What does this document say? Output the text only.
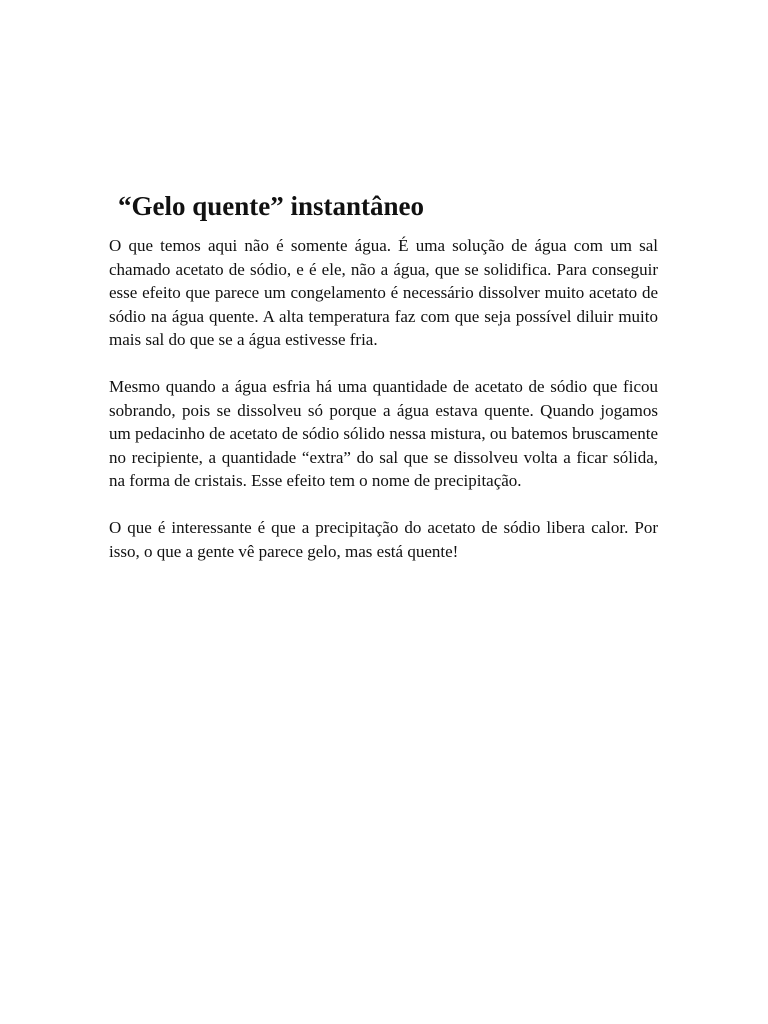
“Gelo quente” instantâneo

O que temos aqui não é somente água. É uma solução de água com um sal chamado acetato de sódio, e é ele, não a água, que se solidifica. Para conseguir esse efeito que parece um congelamento é necessário dissolver muito acetato de sódio na água quente. A alta temperatura faz com que seja possível diluir muito mais sal do que se a água estivesse fria.

Mesmo quando a água esfria há uma quantidade de acetato de sódio que ficou sobrando, pois se dissolveu só porque a água estava quente. Quando jogamos um pedacinho de acetato de sódio sólido nessa mistura, ou batemos bruscamente no recipiente, a quantidade “extra” do sal que se dissolveu volta a ficar sólida, na forma de cristais. Esse efeito tem o nome de precipitação.

O que é interessante é que a precipitação do acetato de sódio libera calor. Por isso, o que a gente vê parece gelo, mas está quente!
